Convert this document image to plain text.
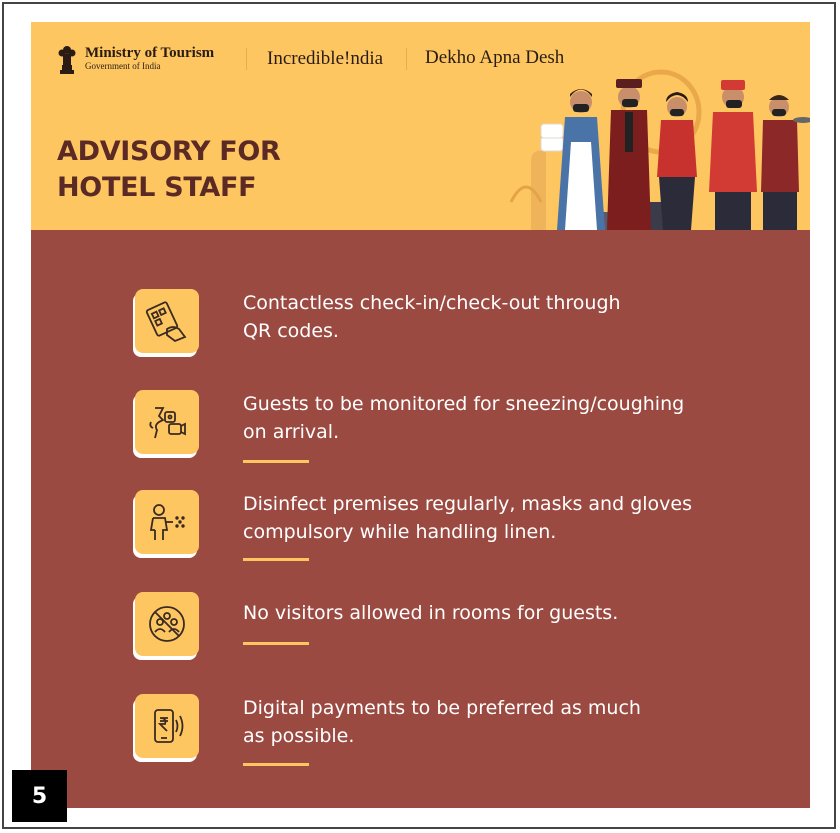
Ministry of Tourism
Government of India	Incredible!ndia Dekho Apna Desh
ADVISORY FOR
HOTEL STAFF
Contactless check-in/check-out through
QR codes.
Guests to be monitored for sneezing/coughing
on arrival.
Disinfect premises regularly, masks and gloves
compulsory while handling linen.
No visitors allowed in rooms for guests.
Digital payments to be preferred as much
as possible.
5
